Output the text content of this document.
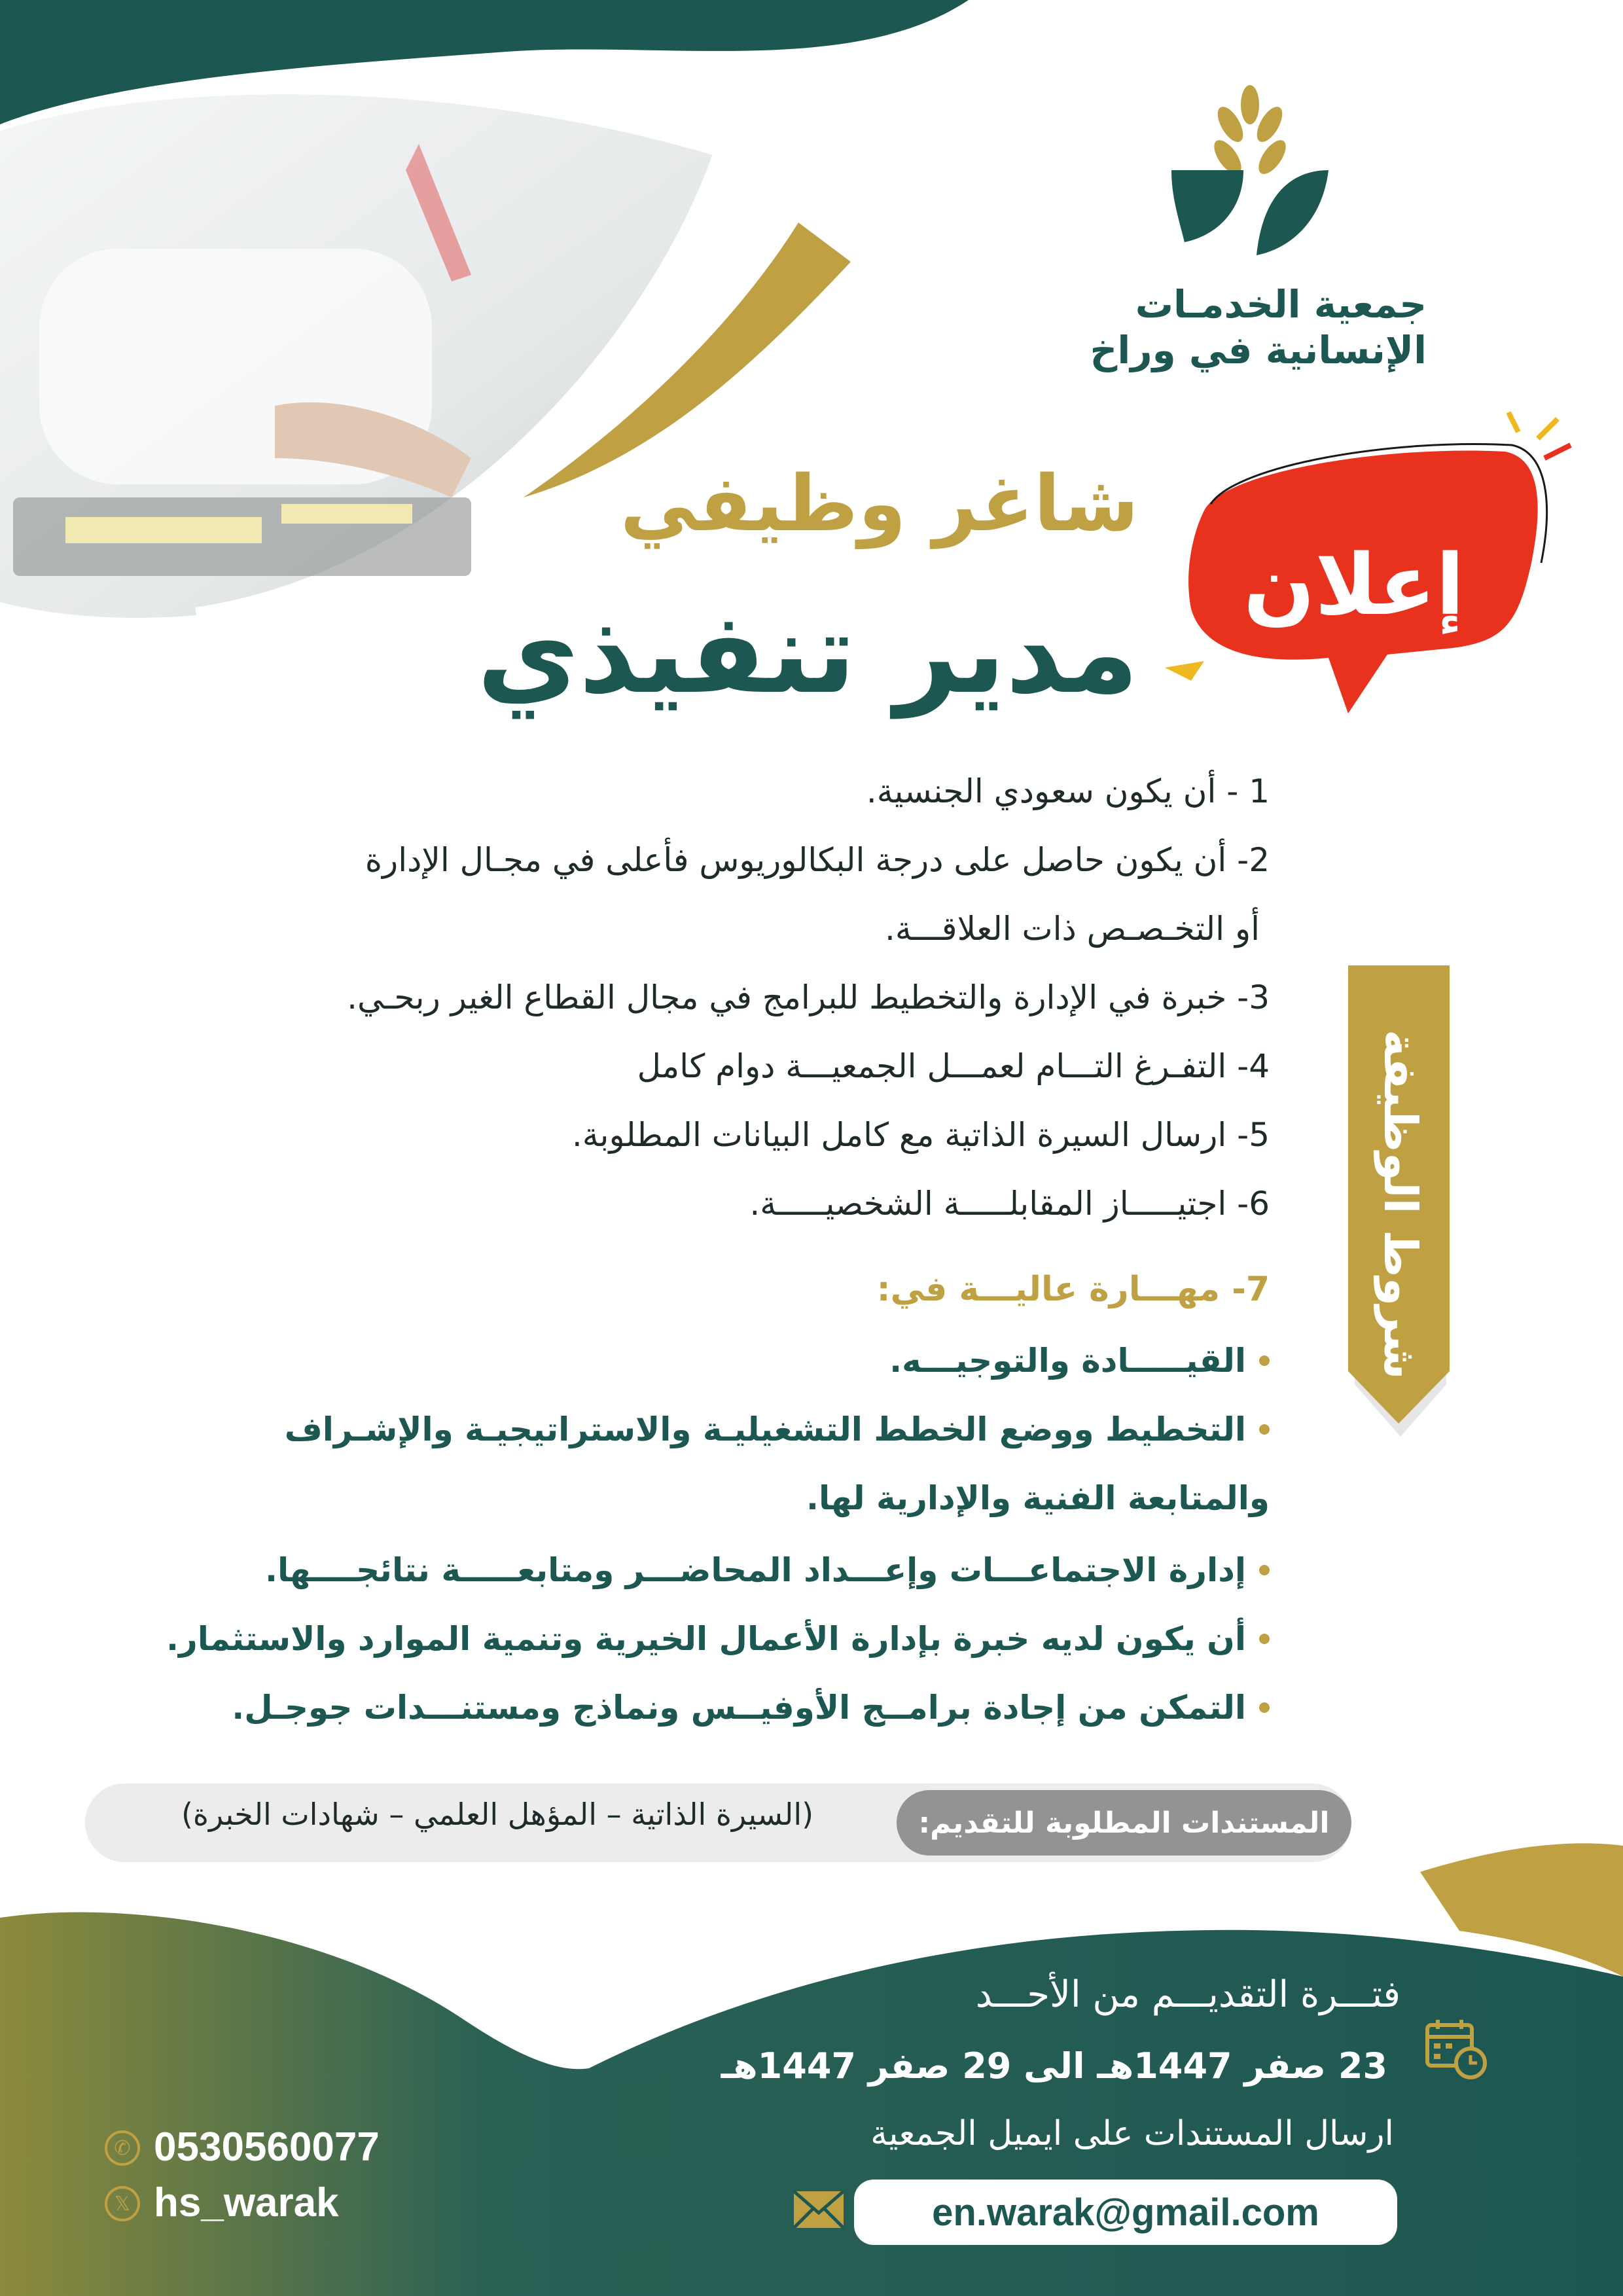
جمعية الخدمـات
الإنسانية في وراخ
إعلان
شاغر وظيفي
مدير تنفيذي
شروط الوظيفة
1 - أن يكون سعودي الجنسية.
2- أن يكون حاصل على درجة البكالوريوس فأعلى في مجـال الإدارة
أو التخـصـص ذات العلاقـــة.
3- خبرة في الإدارة والتخطيط للبرامج في مجال القطاع الغير ربحـي.
4- التفـرغ التـــام لعمـــل الجمعيـــة دوام كامل
5- ارسال السيرة الذاتية مع كامل البيانات المطلوبة.
6- اجتيـــــاز المقابلـــــة الشخصيـــــة.
7- مهـــارة عاليـــة في:
القيـــــادة والتوجيـــه.
التخطيط ووضع الخطط التشغيليـة والاستراتيجيـة والإشـراف
والمتابعة الفنية والإدارية لها.
إدارة الاجتماعـــات وإعـــداد المحاضـــر ومتابعـــــة نتائجــــها.
أن يكون لديه خبرة بإدارة الأعمال الخيرية وتنمية الموارد والاستثمار.
التمكن من إجادة برامــج الأوفيــس ونماذج ومستنـــدات جوجـل.
المستندات المطلوبة للتقديم:
(السيرة الذاتية – المؤهل العلمي – شهادات الخبرة)
فتـــرة التقديـــم من الأحـــد
23 صفر 1447هـ الى 29 صفر 1447هـ
ارسال المستندات على ايميل الجمعية
en.warak@gmail.com
✆ 0530560077
𝕏 hs_warak
